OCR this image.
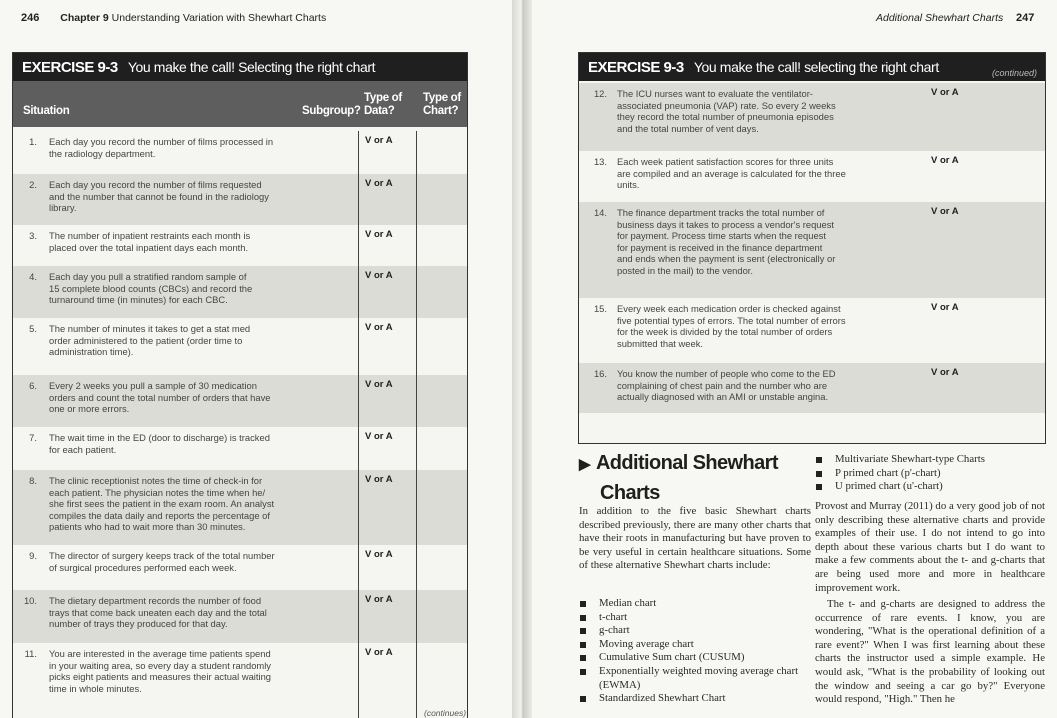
246 Chapter 9 Understanding Variation with Shewhart Charts
EXERCISE 9-3 You make the call! Selecting the right chart
Situation	Subgroup?
Type of
Data?
Type of
Chart?
1. Each day you record the number of films processed in
the radiology department.
V or A
2. Each day you record the number of films requested
and the number that cannot be found in the radiology
library.
V or A
3. The number of inpatient restraints each month is
placed over the total inpatient days each month.
V or A
4. Each day you pull a stratified random sample of
15 complete blood counts (CBCs) and record the
turnaround time (in minutes) for each CBC.
V or A
5. The number of minutes it takes to get a stat med
order administered to the patient (order time to
administration time).
V or A
6. Every 2 weeks you pull a sample of 30 medication
orders and count the total number of orders that have
one or more errors.
V or A
7. The wait time in the ED (door to discharge) is tracked
for each patient.
V or A
8. The clinic receptionist notes the time of check-in for
each patient. The physician notes the time when he/
she first sees the patient in the exam room. An analyst
compiles the data daily and reports the percentage of
patients who had to wait more than 30 minutes.
V or A
9. The director of surgery keeps track of the total number
of surgical procedures performed each week.
V or A
10. The dietary department records the number of food
trays that come back uneaten each day and the total
number of trays they produced for that day.
V or A
11. You are interested in the average time patients spend
in your waiting area, so every day a student randomly
picks eight patients and measures their actual waiting
time in whole minutes.
V or A
(continues)
Additional Shewhart Charts 247
EXERCISE 9-3 You make the call! selecting the right chart	(continued)
12. The ICU nurses want to evaluate the ventilator-
associated pneumonia (VAP) rate. So every 2 weeks
they record the total number of pneumonia episodes
and the total number of vent days.
V or A
13. Each week patient satisfaction scores for three units
are compiled and an average is calculated for the three
units.
V or A
14. The finance department tracks the total number of
business days it takes to process a vendor's request
for payment. Process time starts when the request
for payment is received in the finance department
and ends when the payment is sent (electronically or
posted in the mail) to the vendor.
V or A
15. Every week each medication order is checked against
five potential types of errors. The total number of errors
for the week is divided by the total number of orders
submitted that week.
V or A
16. You know the number of people who come to the ED
complaining of chest pain and the number who are
actually diagnosed with an AMI or unstable angina.
V or A
▶ Additional Shewhart
Charts
In addition to the five basic Shewhart charts described previously, there are many other charts that have their roots in manufacturing but have proven to be very useful in certain healthcare situations. Some of these alternative Shewhart charts include:
Median chart
t-chart
g-chart
Moving average chart
Cumulative Sum chart (CUSUM)
Exponentially weighted moving average chart (EWMA)
Standardized Shewhart Chart
Multivariate Shewhart-type Charts
P primed chart (p'-chart)
U primed chart (u'-chart)
Provost and Murray (2011) do a very good job of not only describing these alternative charts and provide examples of their use. I do not intend to go into depth about these various charts but I do want to make a few comments about the t- and g-charts that are being used more and more in healthcare improvement work.
The t- and g-charts are designed to address the occurrence of rare events. I know, you are wondering, "What is the operational definition of a rare event?" When I was first learning about these charts the instructor used a simple example. He would ask, "What is the probability of looking out the window and seeing a car go by?" Everyone would respond, "High." Then he
